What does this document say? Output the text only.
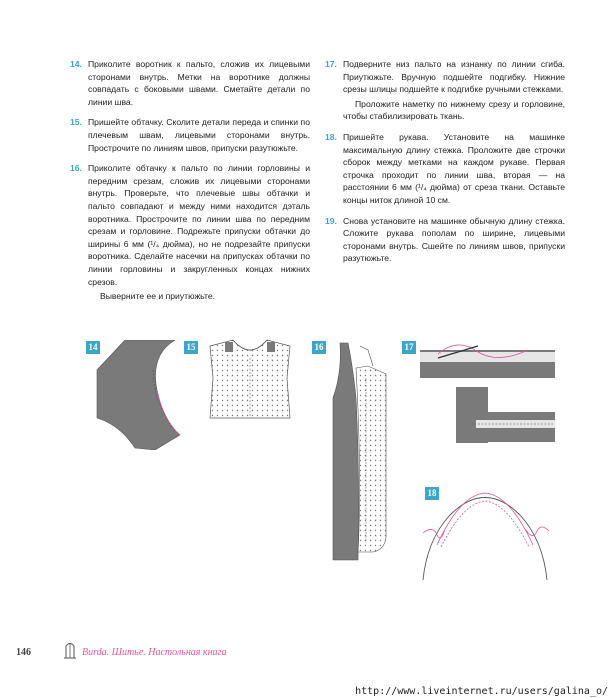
14. Приколите воротник к пальто, сложив их лицевыми сторонами внутрь. Метки на воротнике должны совпадать с боковыми швами. Сметайте детали по линии шва.
15. Пришейте обтачку. Сколите детали переда и спинки по плечевым швам, лицевыми сторонами внутрь. Прострочите по линиям швов, припуски разутюжьте.
16. Приколите обтачку к пальто по линии горловины и передним срезам, сложив их лицевыми сторонами внутрь. Проверьте, что плечевые швы обтачки и пальто совпадают и между ними находится дэталь воротника. Прострочите по линии шва по передним срезам и горловине. Подрежьте припуски обтачки до ширины 6 мм (¹/₄ дюйма), но не подрезайте припуски воротника. Сделайте насечки на припусках обтачки по линии горловины и закругленных концах нижних срезов.
Выверните ее и приутюжьте.
17. Подверните низ пальто на изнанку по линии сгиба. Приутюжьте. Вручную подшейте подгибку. Нижние срезы шлицы подшейте к подгибке ручными стежками.
Проложите наметку по нижнему срезу и горловине, чтобы стабилизировать ткань.
18. Пришейте рукава. Установите на машинке максимальную длину стежка. Проложите две строчки сборок между метками на каждом рукаве. Первая строчка проходит по линии шва, вторая — на расстоянии 6 мм (¹/₄ дюйма) от среза ткани. Оставьте концы ниток длиной 10 см.
19. Снова установите на машинке обычную длину стежка. Сложите рукава пополам по ширине, лицевыми сторонами внутрь. Сшейте по линиям швов, припуски разутюжьте.
14	15	16	17
18
146	Burda. Шитье. Настольная книга
http://www.liveinternet.ru/users/galina_o/
